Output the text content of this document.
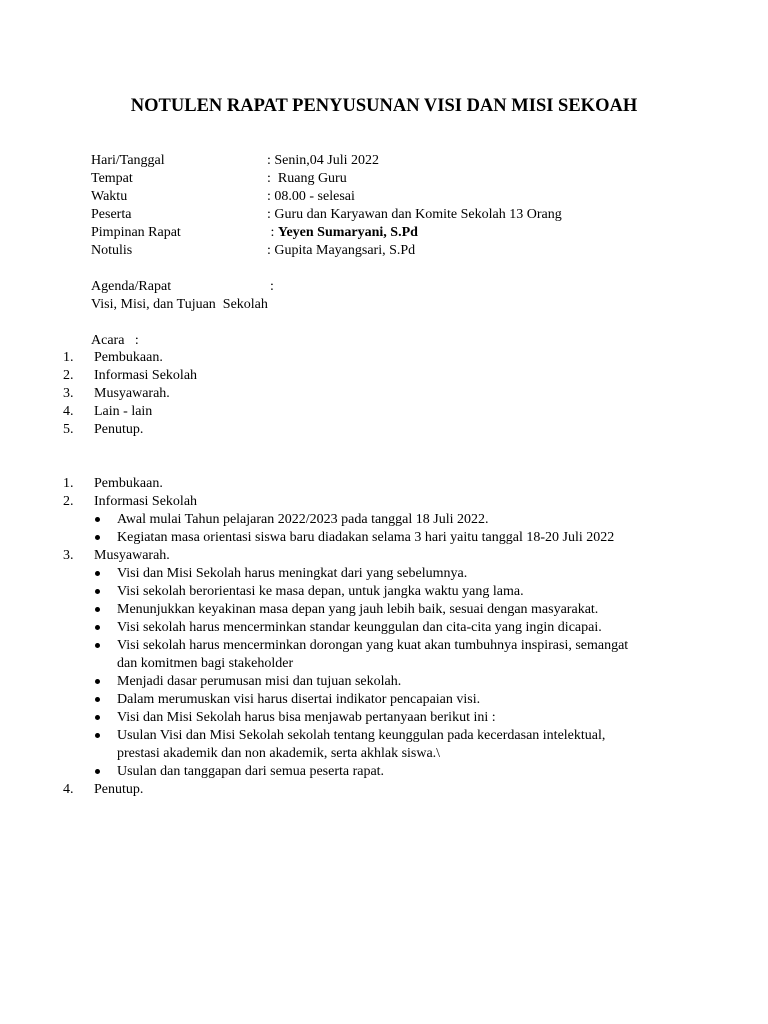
NOTULEN RAPAT PENYUSUNAN VISI DAN MISI SEKOAH
Hari/Tanggal	: Senin,04 Juli 2022
Tempat	:  Ruang Guru
Waktu	: 08.00 - selesai
Peserta	: Guru dan Karyawan dan Komite Sekolah 13 Orang
Pimpinan Rapat	: Yeyen Sumaryani, S.Pd
Notulis	: Gupita Mayangsari, S.Pd
Agenda/Rapat	:
Visi, Misi, dan Tujuan  Sekolah
Acara   :
1. Pembukaan.
2. Informasi Sekolah
3. Musyawarah.
4. Lain - lain
5. Penutup.
1. Pembukaan.
2. Informasi Sekolah
Awal mulai Tahun pelajaran 2022/2023 pada tanggal 18 Juli 2022.
Kegiatan masa orientasi siswa baru diadakan selama 3 hari yaitu tanggal 18-20 Juli 2022
3. Musyawarah.
Visi dan Misi Sekolah harus meningkat dari yang sebelumnya.
Visi sekolah berorientasi ke masa depan, untuk jangka waktu yang lama.
Menunjukkan keyakinan masa depan yang jauh lebih baik, sesuai dengan masyarakat.
Visi sekolah harus mencerminkan standar keunggulan dan cita-cita yang ingin dicapai.
Visi sekolah harus mencerminkan dorongan yang kuat akan tumbuhnya inspirasi, semangat dan komitmen bagi stakeholder
Menjadi dasar perumusan misi dan tujuan sekolah.
Dalam merumuskan visi harus disertai indikator pencapaian visi.
Visi dan Misi Sekolah harus bisa menjawab pertanyaan berikut ini :
Usulan Visi dan Misi Sekolah sekolah tentang keunggulan pada kecerdasan intelektual, prestasi akademik dan non akademik, serta akhlak siswa.\
Usulan dan tanggapan dari semua peserta rapat.
4. Penutup.
